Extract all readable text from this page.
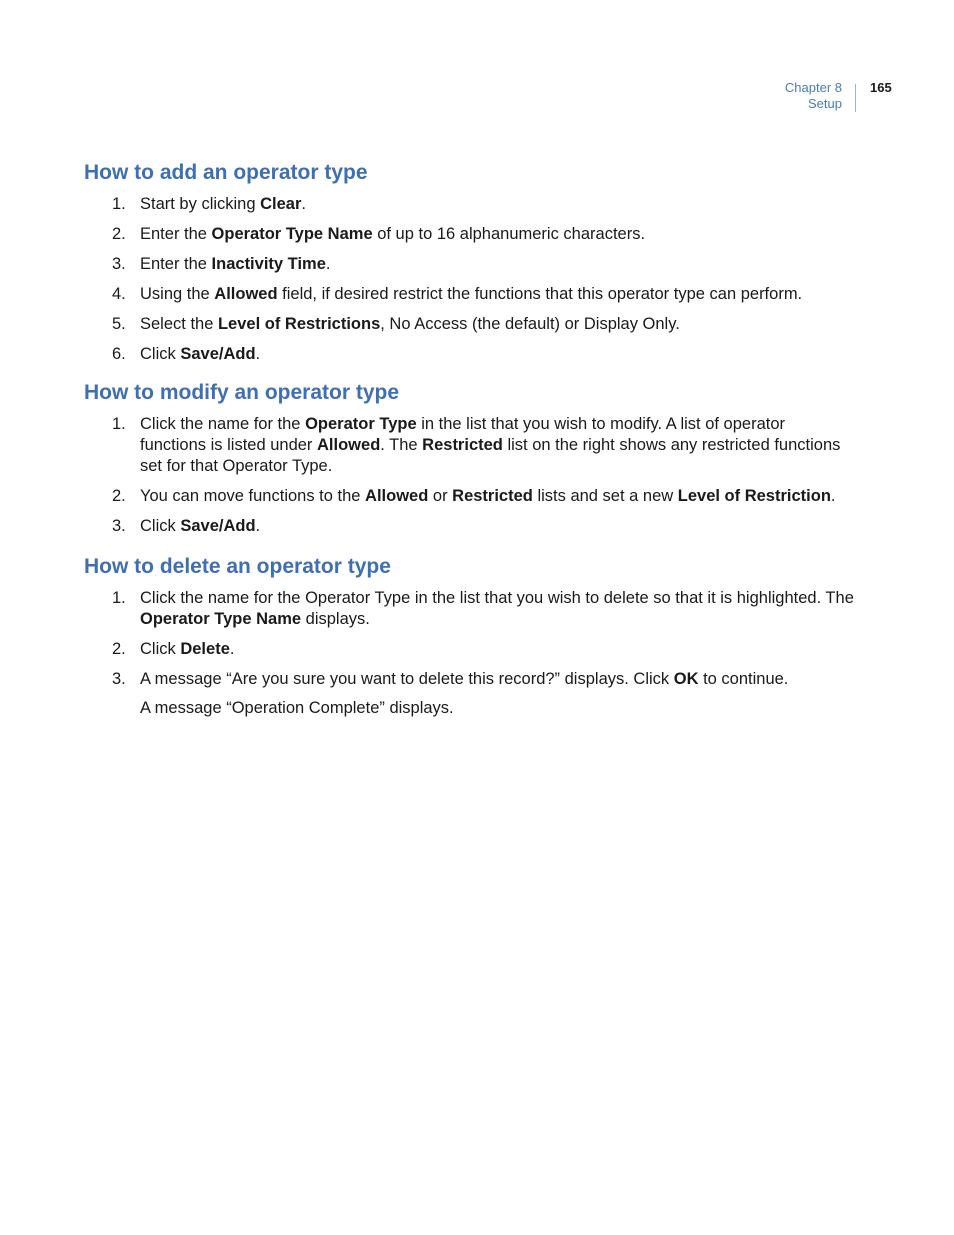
Chapter 8
Setup
165
How to add an operator type
1. Start by clicking Clear.
2. Enter the Operator Type Name of up to 16 alphanumeric characters.
3. Enter the Inactivity Time.
4. Using the Allowed field, if desired restrict the functions that this operator type can perform.
5. Select the Level of Restrictions, No Access (the default) or Display Only.
6. Click Save/Add.
How to modify an operator type
1. Click the name for the Operator Type in the list that you wish to modify. A list of operator functions is listed under Allowed. The Restricted list on the right shows any restricted functions set for that Operator Type.
2. You can move functions to the Allowed or Restricted lists and set a new Level of Restriction.
3. Click Save/Add.
How to delete an operator type
1. Click the name for the Operator Type in the list that you wish to delete so that it is highlighted. The Operator Type Name displays.
2. Click Delete.
3. A message “Are you sure you want to delete this record?” displays. Click OK to continue.
A message “Operation Complete” displays.
